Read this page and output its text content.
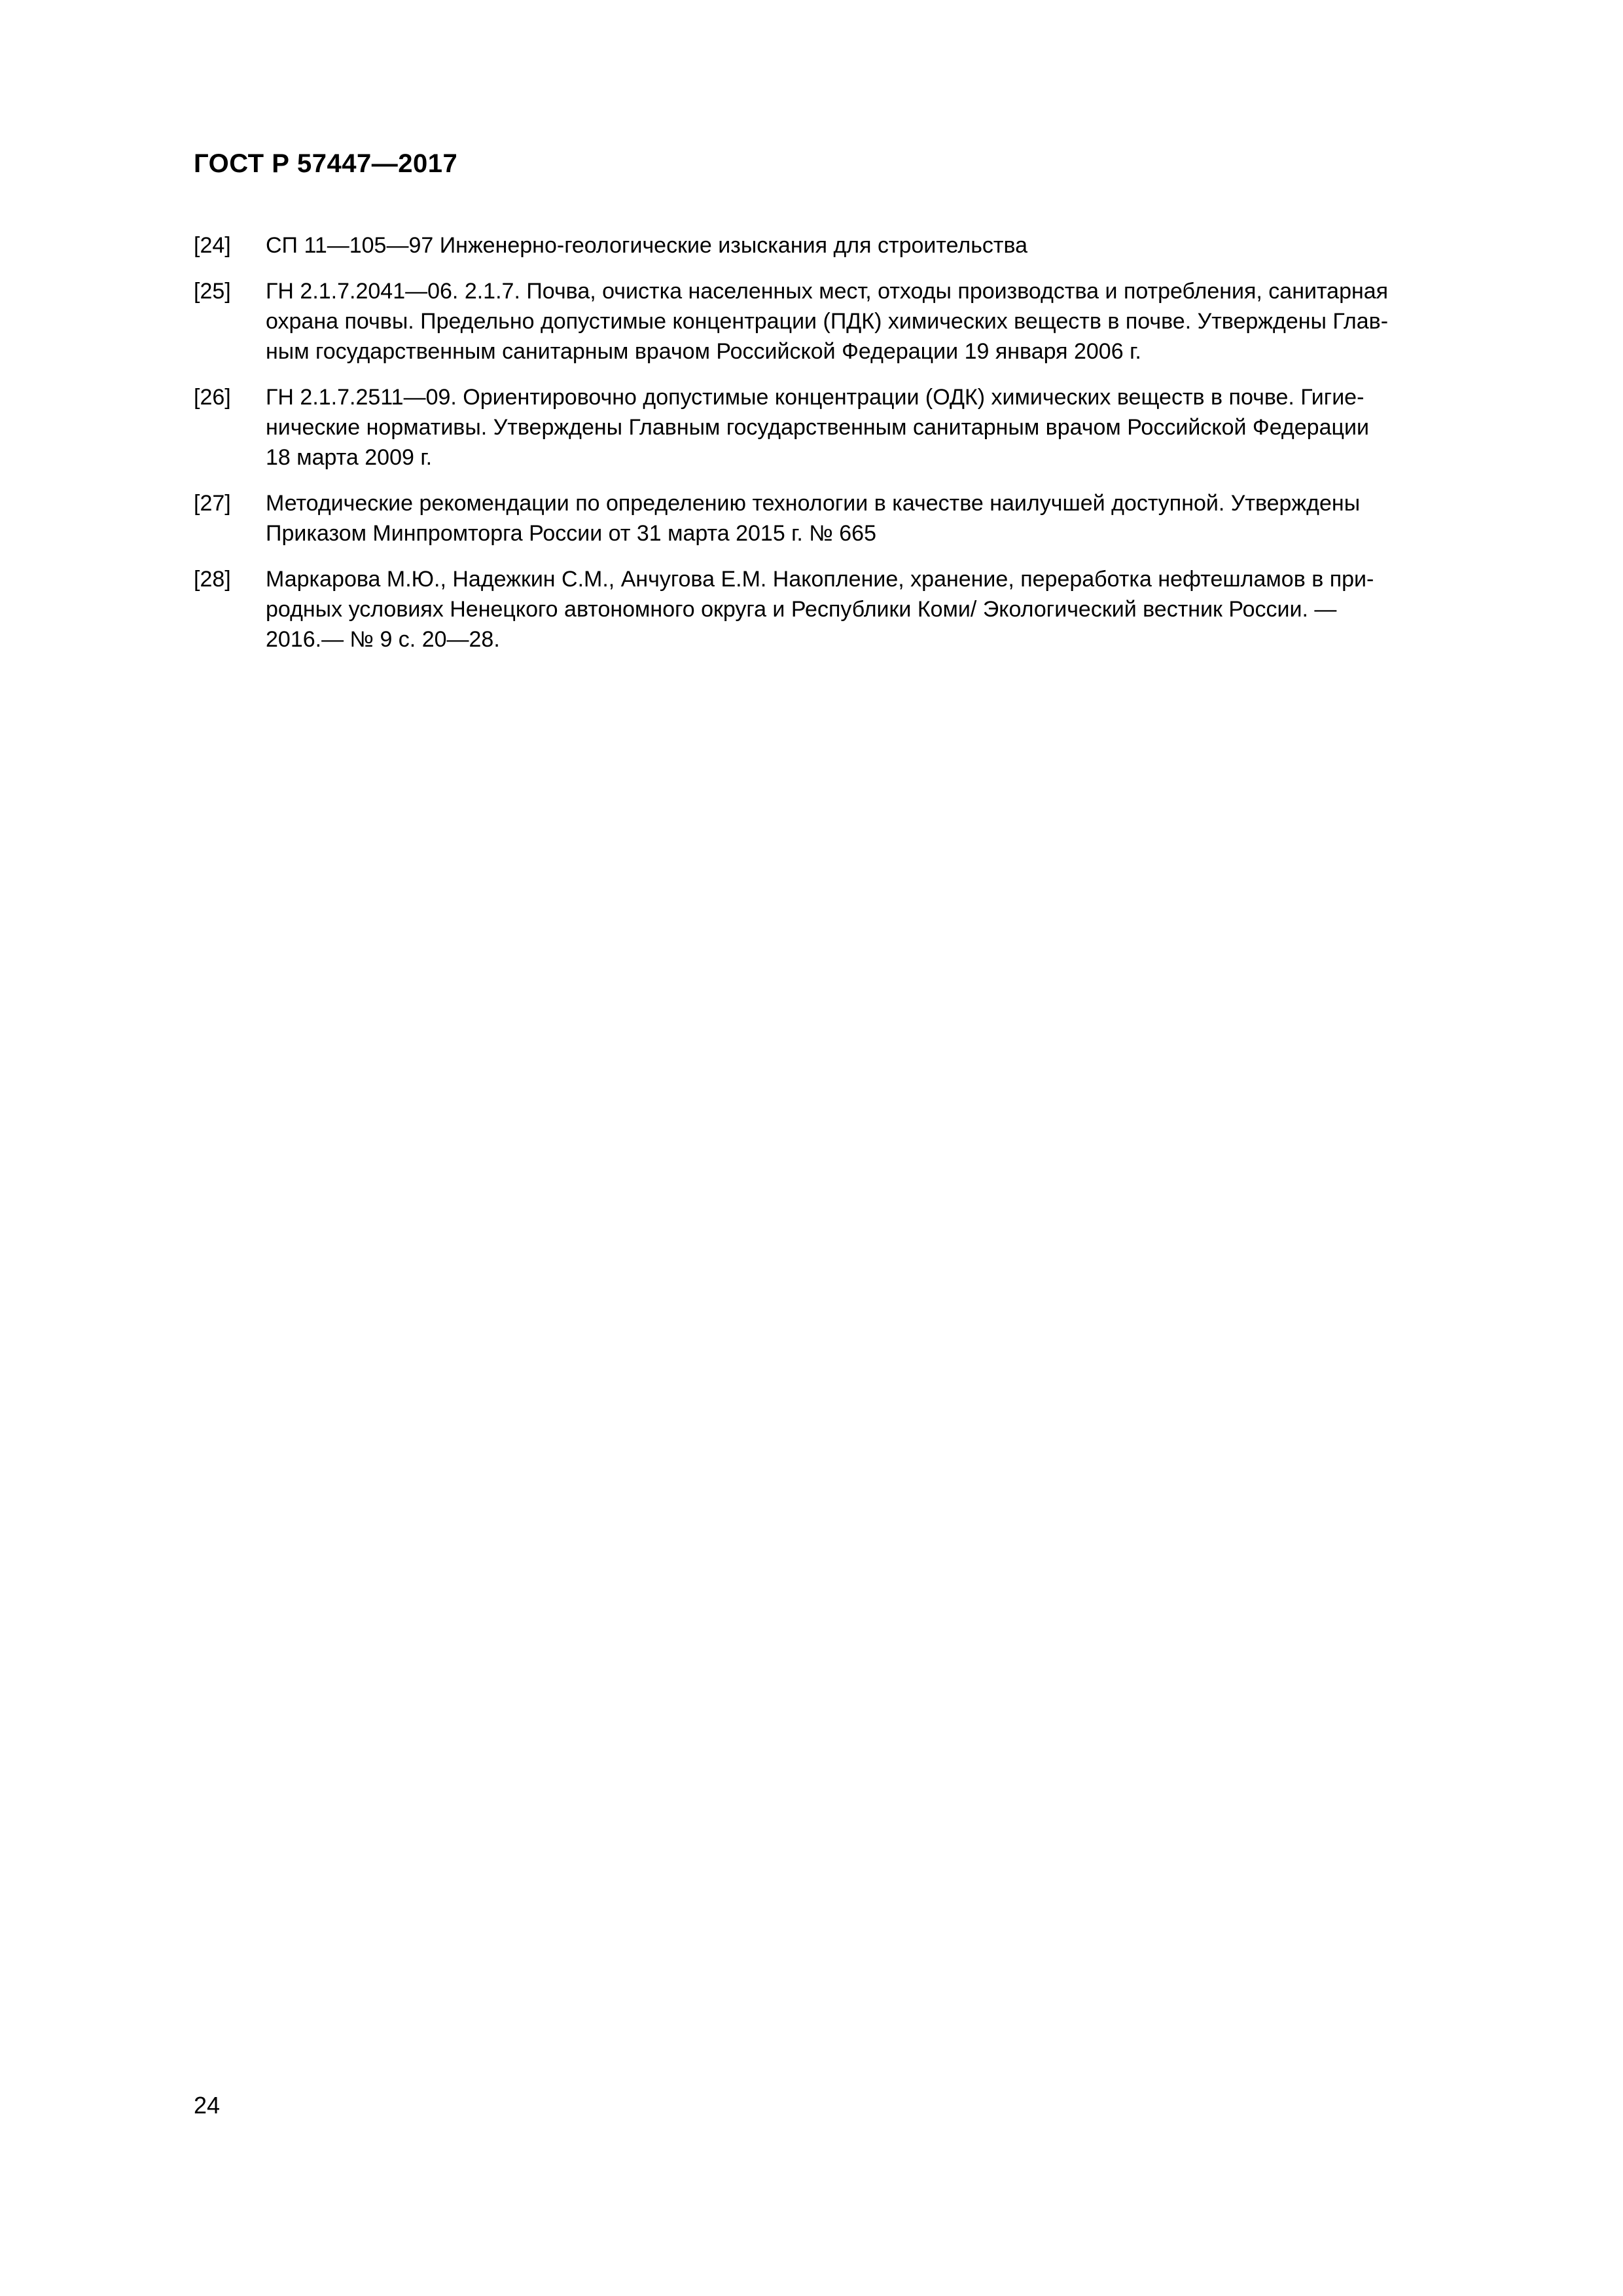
ГОСТ Р 57447—2017
[24]	СП 11—105—97 Инженерно-геологические изыскания для строительства
[25]	ГН 2.1.7.2041—06. 2.1.7. Почва, очистка населенных мест, отходы производства и потребления, санитарная
охрана почвы. Предельно допустимые концентрации (ПДК) химических веществ в почве. Утверждены Глав-
ным государственным санитарным врачом Российской Федерации 19 января 2006 г.
[26]	ГН 2.1.7.2511—09. Ориентировочно допустимые концентрации (ОДК) химических веществ в почве. Гигие-
нические нормативы. Утверждены Главным государственным санитарным врачом Российской Федерации
18 марта 2009 г.
[27]	Методические рекомендации по определению технологии в качестве наилучшей доступной. Утверждены
Приказом Минпромторга России от 31 марта 2015 г. № 665
[28]	Маркарова М.Ю., Надежкин С.М., Анчугова Е.М. Накопление, хранение, переработка нефтешламов в при-
родных условиях Ненецкого автономного округа и Республики Коми/ Экологический вестник России. —
2016.— № 9 с. 20—28.
24
